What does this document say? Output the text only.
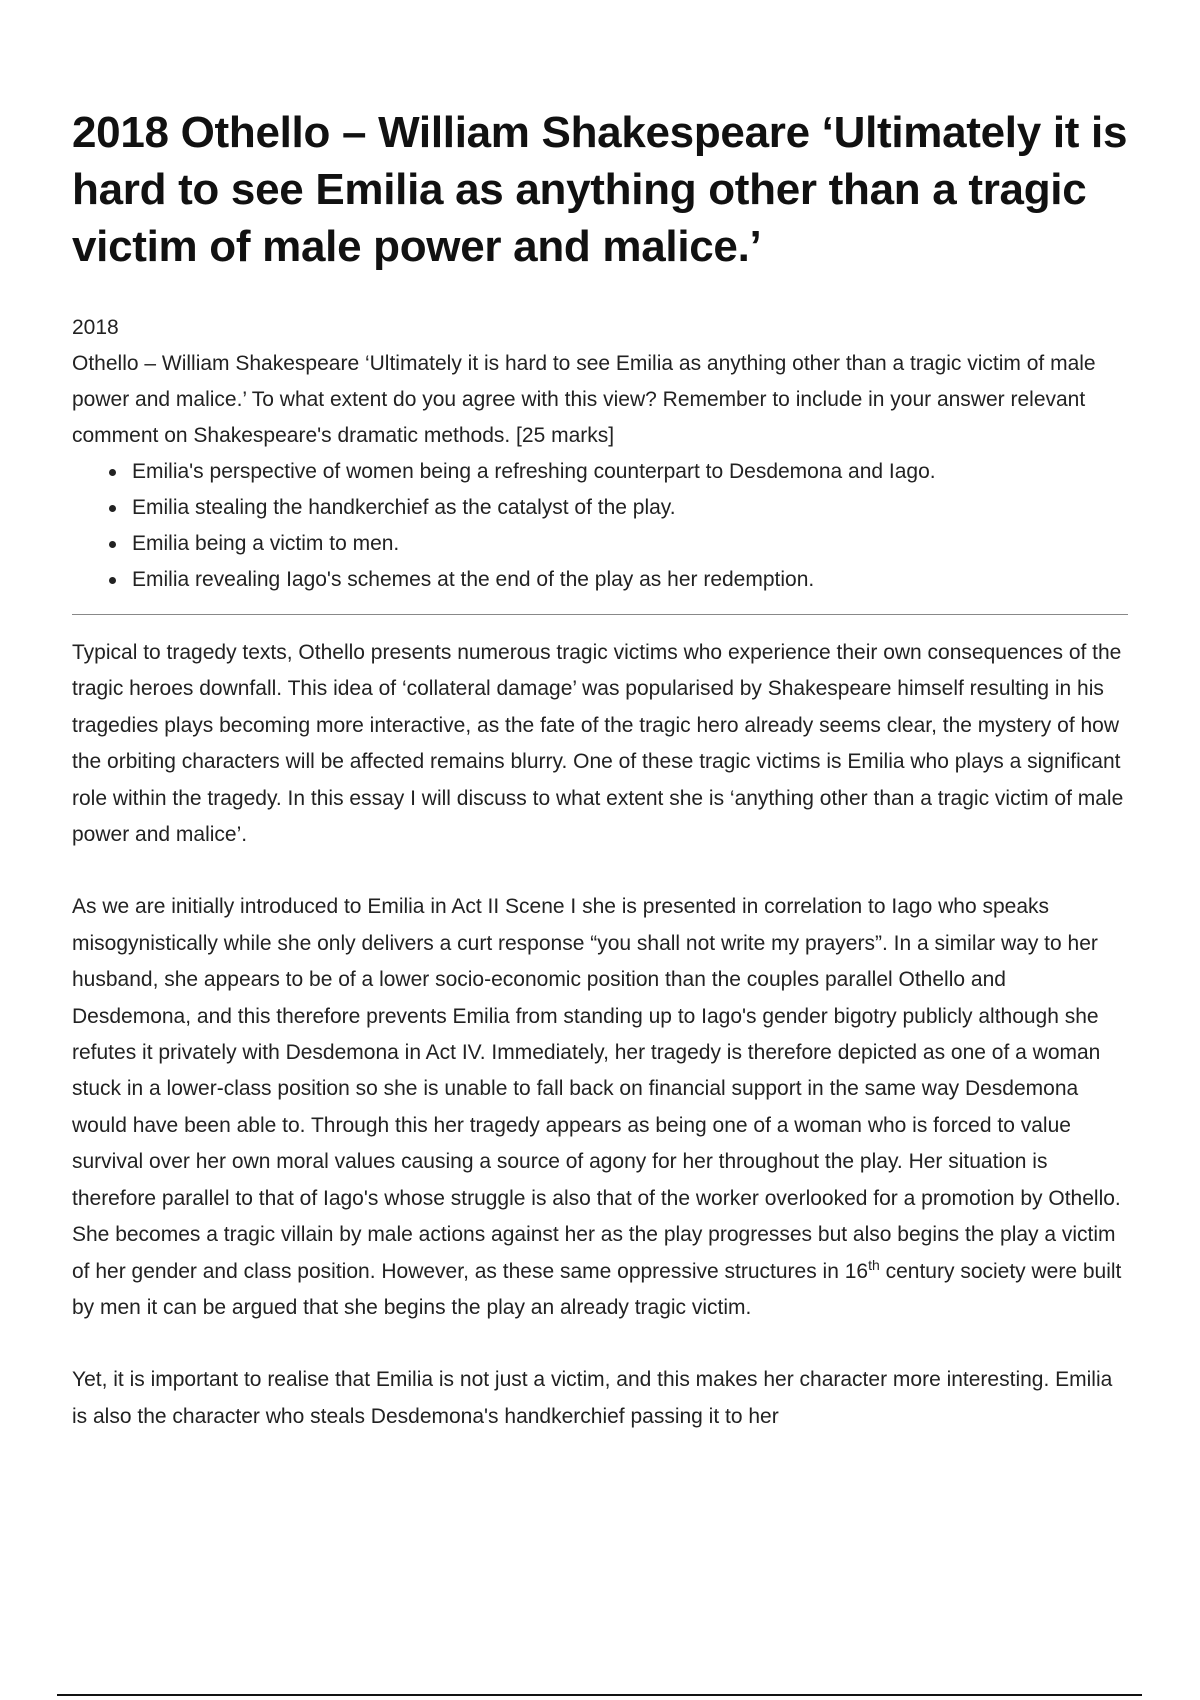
2018 Othello – William Shakespeare ‘Ultimately it is hard to see Emilia as anything other than a tragic victim of male power and malice.’
2018
Othello – William Shakespeare ‘Ultimately it is hard to see Emilia as anything other than a tragic victim of male power and malice.’ To what extent do you agree with this view? Remember to include in your answer relevant comment on Shakespeare's dramatic methods. [25 marks]
Emilia's perspective of women being a refreshing counterpart to Desdemona and Iago.
Emilia stealing the handkerchief as the catalyst of the play.
Emilia being a victim to men.
Emilia revealing Iago's schemes at the end of the play as her redemption.

Typical to tragedy texts, Othello presents numerous tragic victims who experience their own consequences of the tragic heroes downfall. This idea of ‘collateral damage’ was popularised by Shakespeare himself resulting in his tragedies plays becoming more interactive, as the fate of the tragic hero already seems clear, the mystery of how the orbiting characters will be affected remains blurry. One of these tragic victims is Emilia who plays a significant role within the tragedy. In this essay I will discuss to what extent she is ‘anything other than a tragic victim of male power and malice’.

As we are initially introduced to Emilia in Act II Scene I she is presented in correlation to Iago who speaks misogynistically while she only delivers a curt response “you shall not write my prayers”. In a similar way to her husband, she appears to be of a lower socio-economic position than the couples parallel Othello and Desdemona, and this therefore prevents Emilia from standing up to Iago's gender bigotry publicly although she refutes it privately with Desdemona in Act IV. Immediately, her tragedy is therefore depicted as one of a woman stuck in a lower-class position so she is unable to fall back on financial support in the same way Desdemona would have been able to. Through this her tragedy appears as being one of a woman who is forced to value survival over her own moral values causing a source of agony for her throughout the play. Her situation is therefore parallel to that of Iago's whose struggle is also that of the worker overlooked for a promotion by Othello. She becomes a tragic villain by male actions against her as the play progresses but also begins the play a victim of her gender and class position. However, as these same oppressive structures in 16th century society were built by men it can be argued that she begins the play an already tragic victim.

Yet, it is important to realise that Emilia is not just a victim, and this makes her character more interesting. Emilia is also the character who steals Desdemona's handkerchief passing it to her
